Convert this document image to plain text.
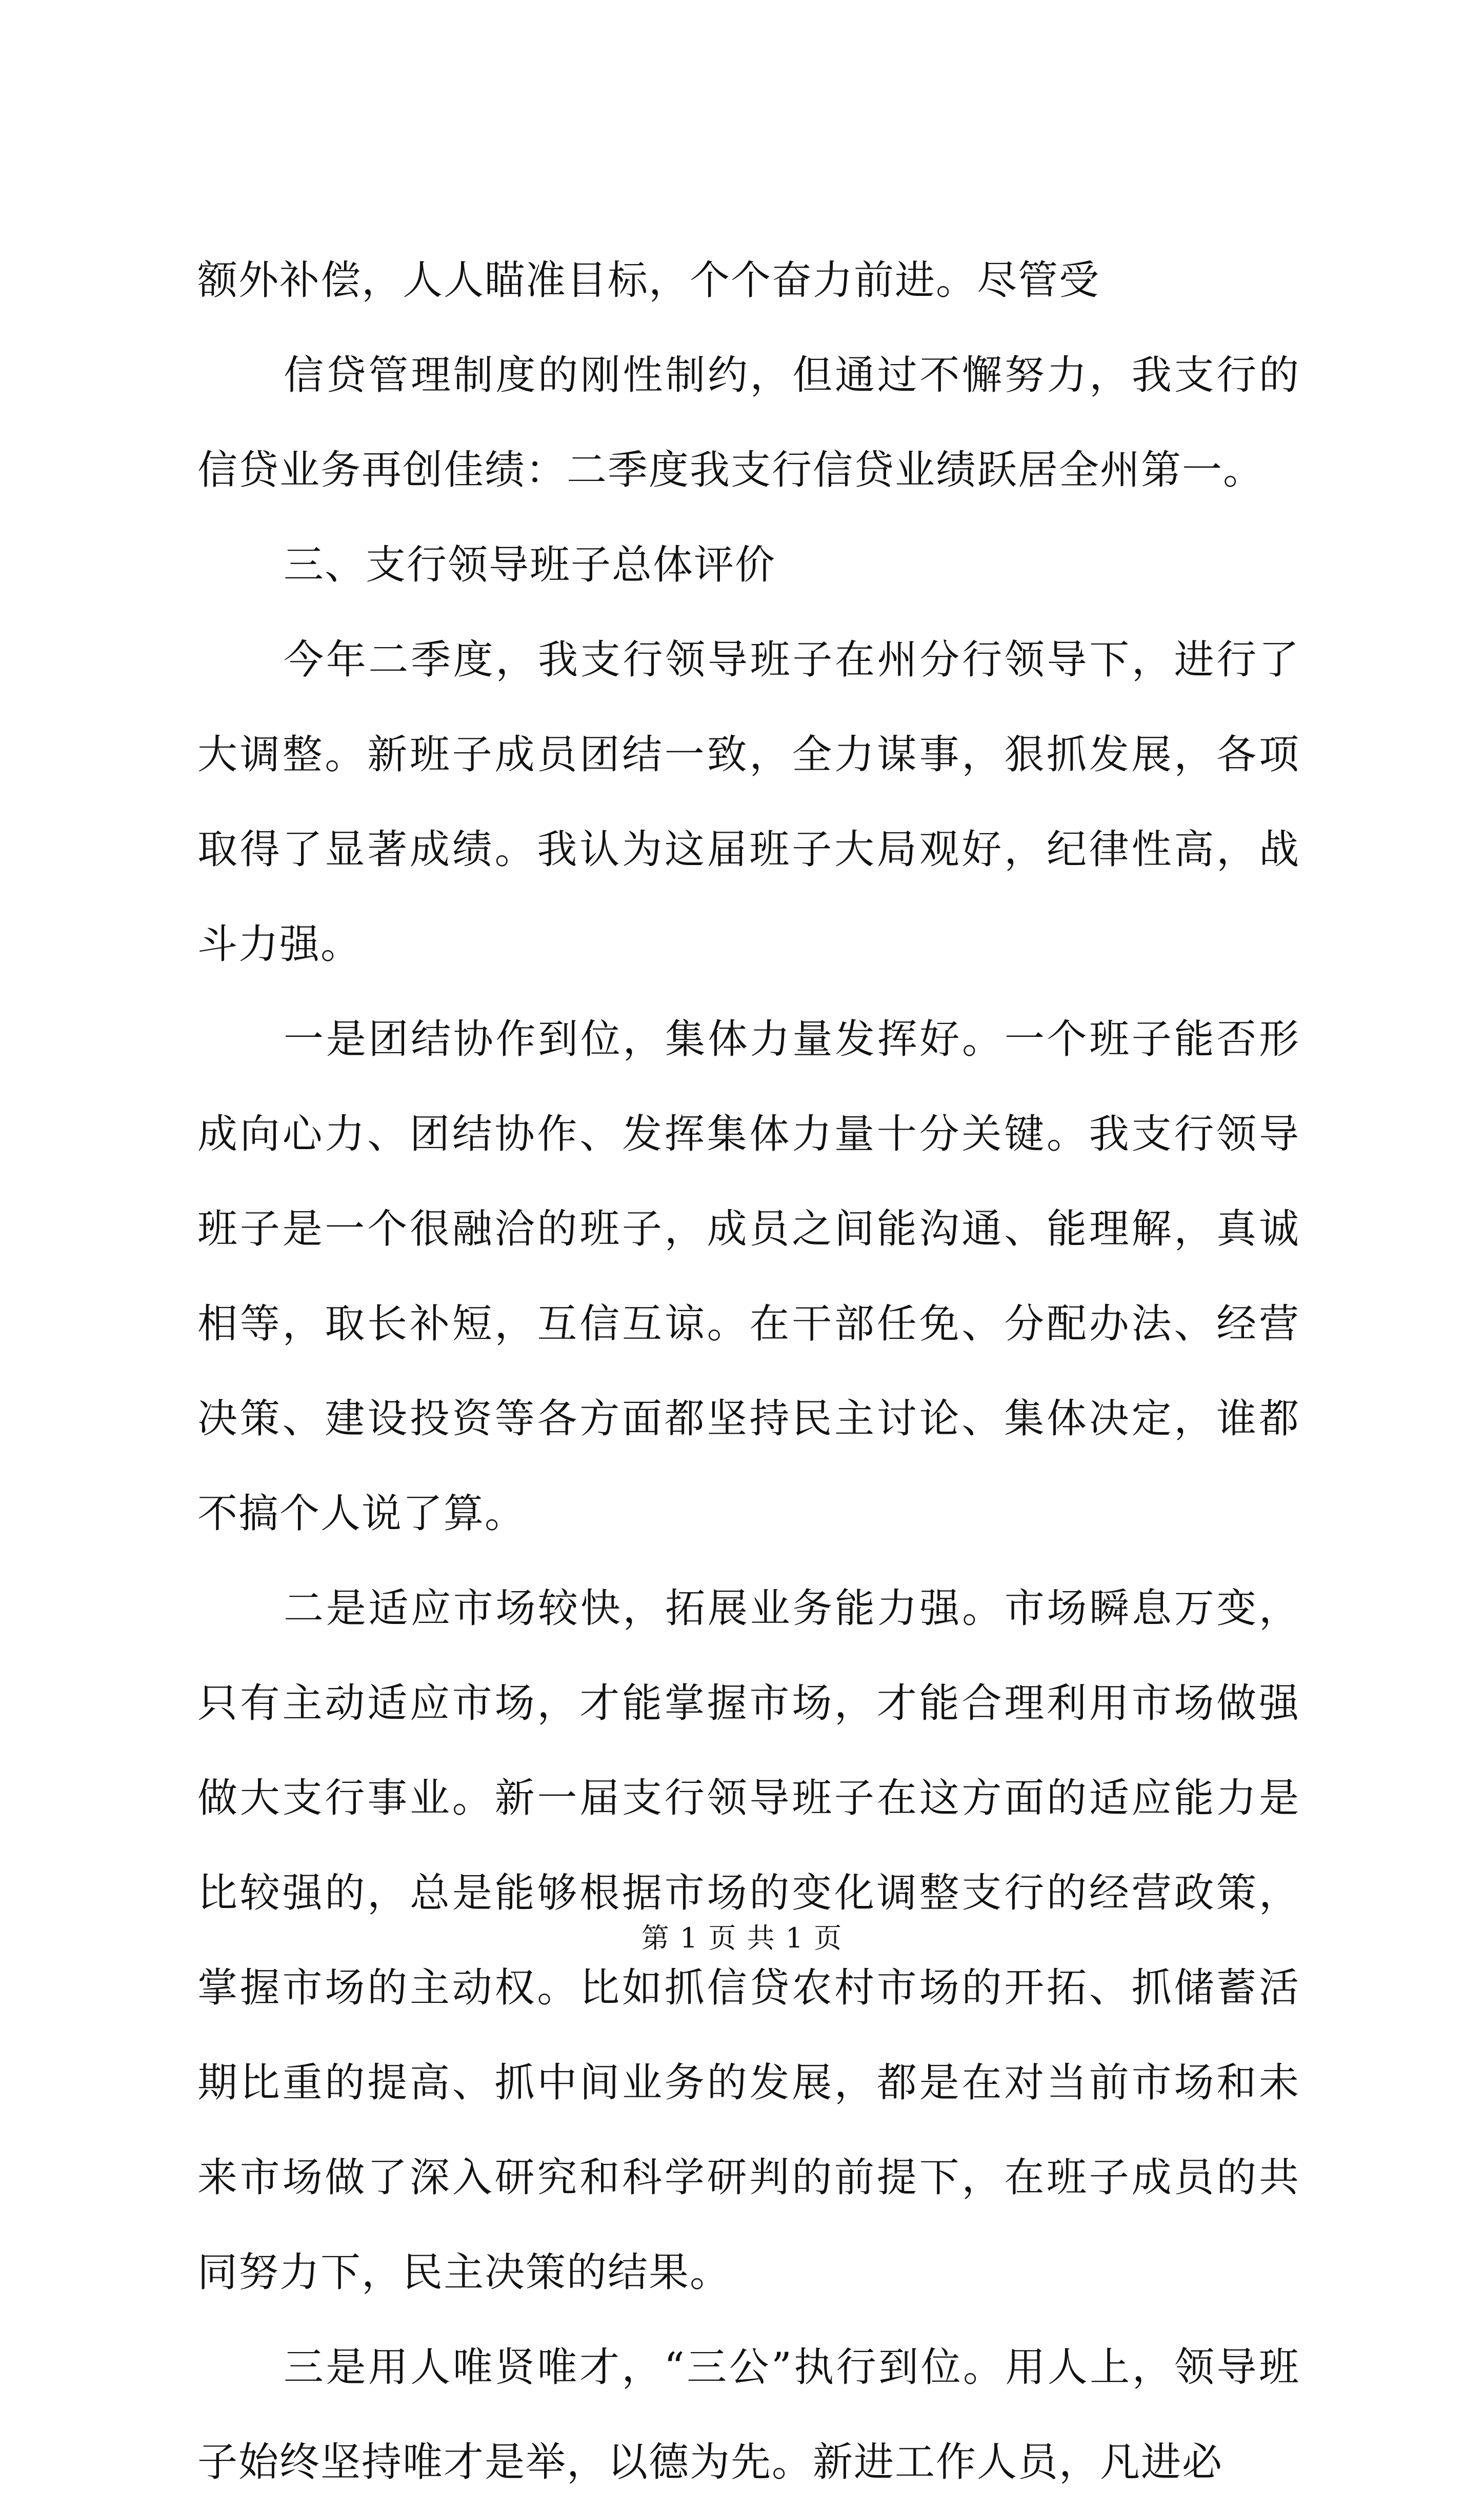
额外补偿，人人瞄准目标，个个奋力前进。尽管受

信贷管理制度的刚性制约，但通过不懈努力，我支行的信贷业务再创佳绩：二季度我支行信贷业绩跃居全州第一。

三、支行领导班子总体评价

今年二季度，我支行领导班子在州分行领导下，进行了大调整。新班子成员团结一致，全力谋事，狠抓发展，各项取得了显著成绩。我认为这届班子大局观好，纪律性高，战斗力强。

一是团结协作到位，集体力量发挥好。一个班子能否形成向心力、团结协作、发挥集体力量十分关键。我支行领导班子是一个很融洽的班子，成员之间能沟通、能理解，真诚相等，取长补短，互信互谅。在干部任免、分配办法、经营决策、建设投资等各方面都坚持民主讨论、集体决定，谁都不搞个人说了算。

二是适应市场较快，拓展业务能力强。市场瞬息万变，只有主动适应市场，才能掌握市场，才能合理利用市场做强做大支行事业。新一届支行领导班子在这方面的适应能力是比较强的，总是能够根据市场的变化调整支行的经营政策，掌握市场的主动权。比如抓信贷农村市场的开拓、抓储蓄活期比重的提高、抓中间业务的发展，都是在对当前市场和未来市场做了深入研究和科学研判的前提下，在班子成员的共同努力下，民主决策的结果。

三是用人唯贤唯才，“三公”执行到位。用人上，领导班子始终坚持唯才是举，以德为先。新进工作人员，凡进必

第 1 页 共 1 页
